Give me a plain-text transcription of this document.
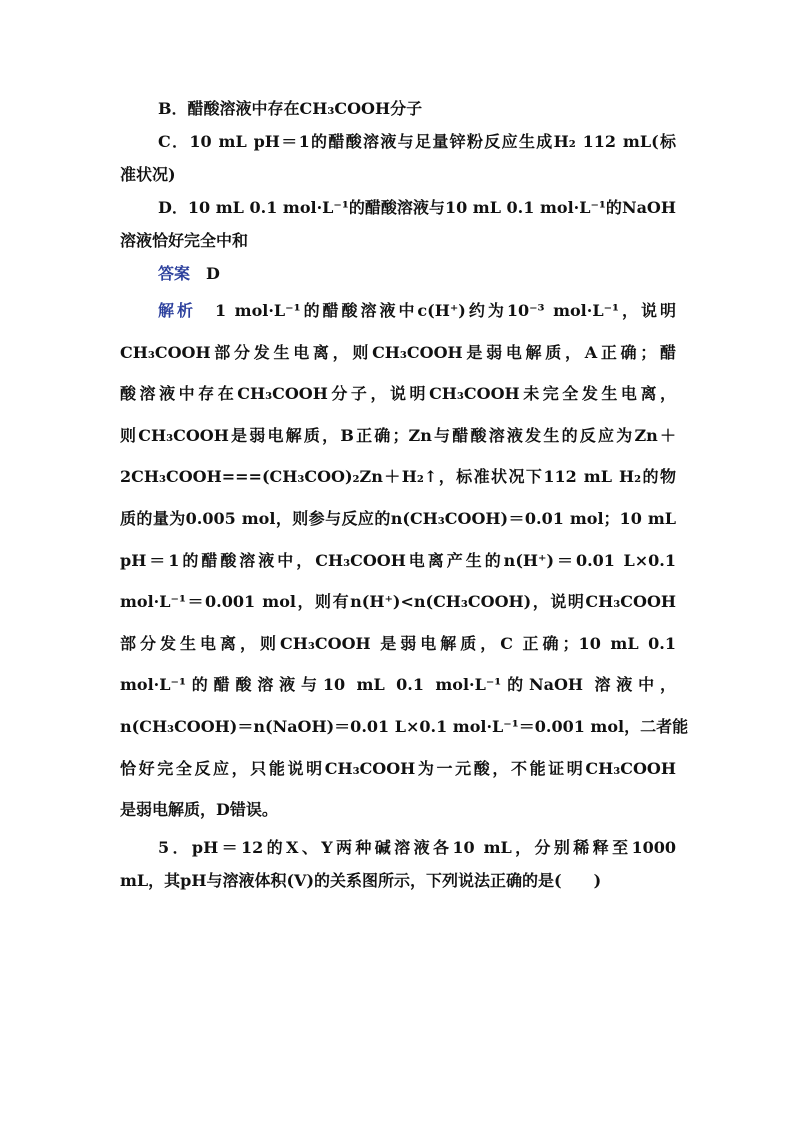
B．醋酸溶液中存在CH₃COOH分子

C．10 mL pH＝1的醋酸溶液与足量锌粉反应生成H₂ 112 mL(标

准状况)

D．10 mL 0.1 mol·L⁻¹的醋酸溶液与10 mL 0.1 mol·L⁻¹的NaOH

溶液恰好完全中和

答案　 D

解析　 1 mol·L⁻¹的醋酸溶液中c(H⁺)约为10⁻³ mol·L⁻¹，说明

CH₃COOH部分发生电离，则CH₃COOH是弱电解质，A正确；醋

酸溶液中存在CH₃COOH分子，说明CH₃COOH未完全发生电离，

则CH₃COOH是弱电解质，B正确；Zn与醋酸溶液发生的反应为Zn＋

2CH₃COOH===(CH₃COO)₂Zn＋H₂↑，标准状况下112 mL H₂的物

质的量为0.005 mol，则参与反应的n(CH₃COOH)＝0.01 mol；10 mL

pH＝1的醋酸溶液中，CH₃COOH电离产生的n(H⁺)＝0.01 L×0.1

mol·L⁻¹＝0.001 mol，则有n(H⁺)<n(CH₃COOH)，说明CH₃COOH

部分发生电离，则CH₃COOH 是弱电解质，C 正确；10 mL 0.1

mol·L⁻¹的醋酸溶液与10 mL 0.1 mol·L⁻¹的NaOH 溶液中，

n(CH₃COOH)＝n(NaOH)＝0.01 L×0.1 mol·L⁻¹＝0.001 mol，二者能

恰好完全反应，只能说明CH₃COOH为一元酸，不能证明CH₃COOH

是弱电解质，D错误。

5．pH＝12的X、Y两种碱溶液各10 mL，分别稀释至1000

mL，其pH与溶液体积(V)的关系图所示，下列说法正确的是(　　)
